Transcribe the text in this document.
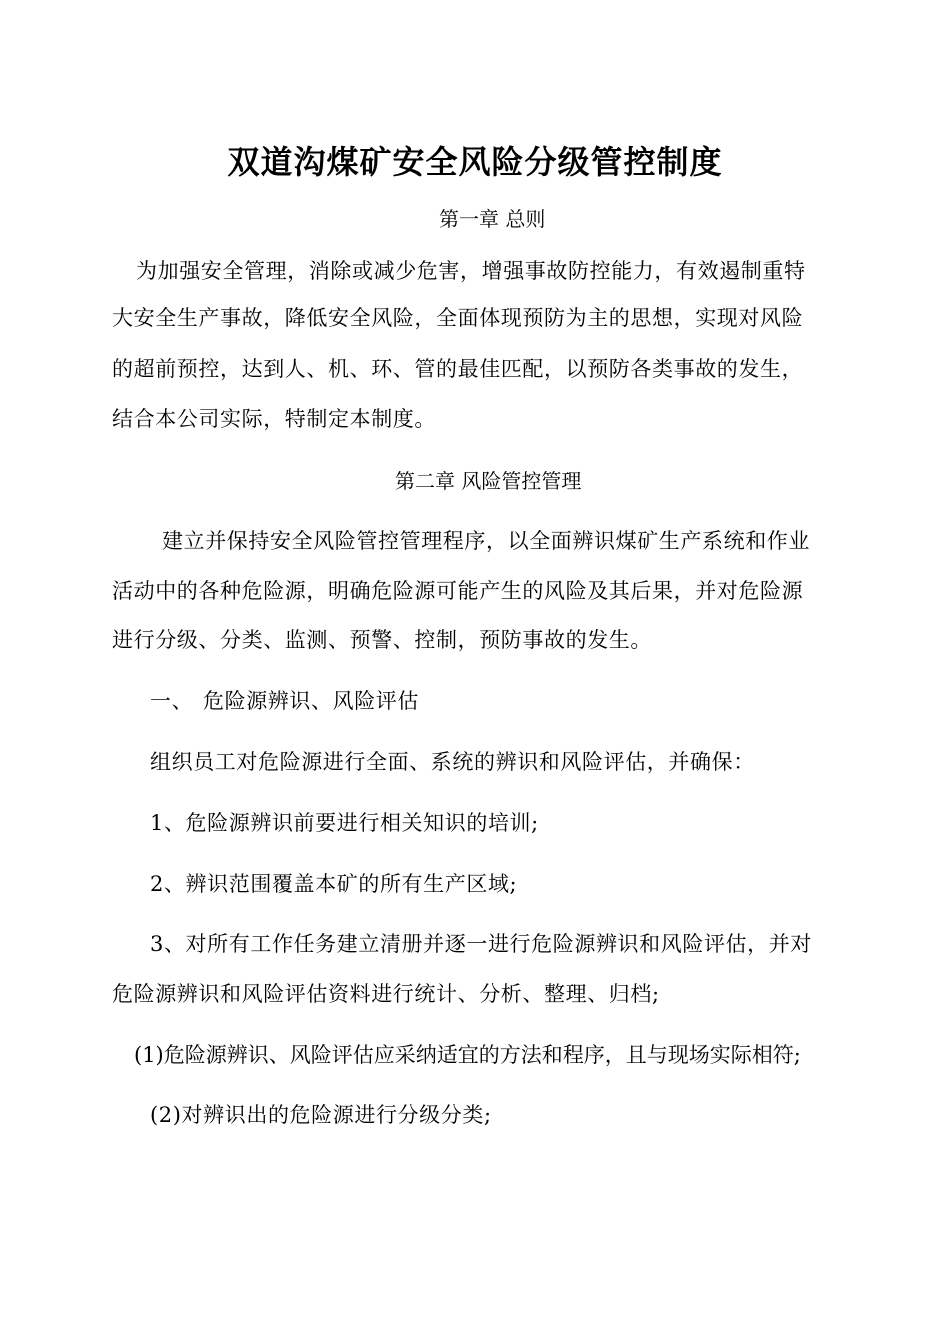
双道沟煤矿安全风险分级管控制度
第一章 总则
为加强安全管理，消除或减少危害，增强事故防控能力，有效遏制重特
大安全生产事故，降低安全风险，全面体现预防为主的思想，实现对风险
的超前预控，达到人、机、环、管的最佳匹配，以预防各类事故的发生，
结合本公司实际，特制定本制度。
第二章 风险管控管理
建立并保持安全风险管控管理程序，以全面辨识煤矿生产系统和作业
活动中的各种危险源，明确危险源可能产生的风险及其后果，并对危险源
进行分级、分类、监测、预警、控制，预防事故的发生。
一、 危险源辨识、风险评估
组织员工对危险源进行全面、系统的辨识和风险评估，并确保：
1、危险源辨识前要进行相关知识的培训;
2、辨识范围覆盖本矿的所有生产区域;
3、对所有工作任务建立清册并逐一进行危险源辨识和风险评估，并对
危险源辨识和风险评估资料进行统计、分析、整理、归档;
(1)危险源辨识、风险评估应采纳适宜的方法和程序，且与现场实际相符;
(2)对辨识出的危险源进行分级分类;
